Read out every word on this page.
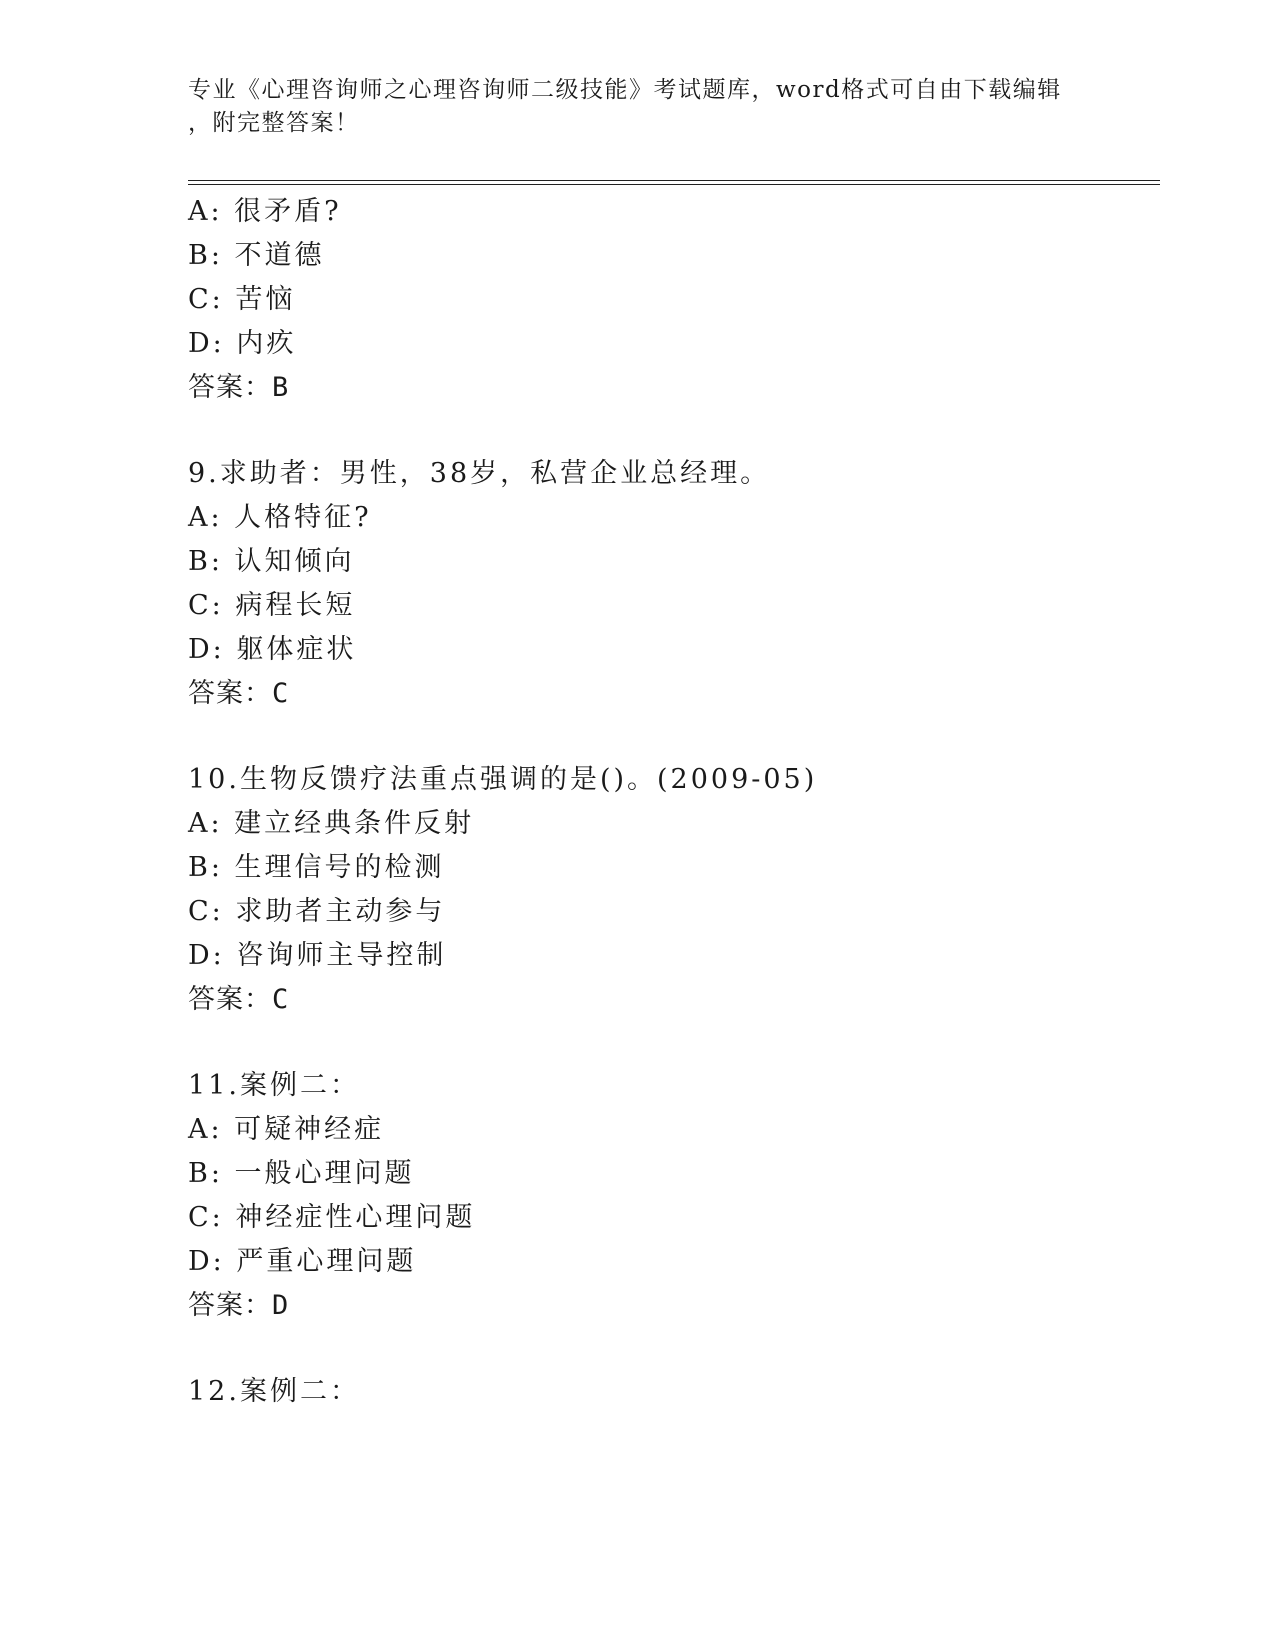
专业《心理咨询师之心理咨询师二级技能》考试题库，word格式可自由下载编辑
，附完整答案！
A: 很矛盾?
B: 不道德
C: 苦恼
D: 内疚
答案：B
9.求助者：男性，38岁，私营企业总经理。
A: 人格特征?
B: 认知倾向
C: 病程长短
D: 躯体症状
答案：C
10.生物反馈疗法重点强调的是()。(2009-05)
A: 建立经典条件反射
B: 生理信号的检测
C: 求助者主动参与
D: 咨询师主导控制
答案：C
11.案例二：
A: 可疑神经症
B: 一般心理问题
C: 神经症性心理问题
D: 严重心理问题
答案：D
12.案例二：
